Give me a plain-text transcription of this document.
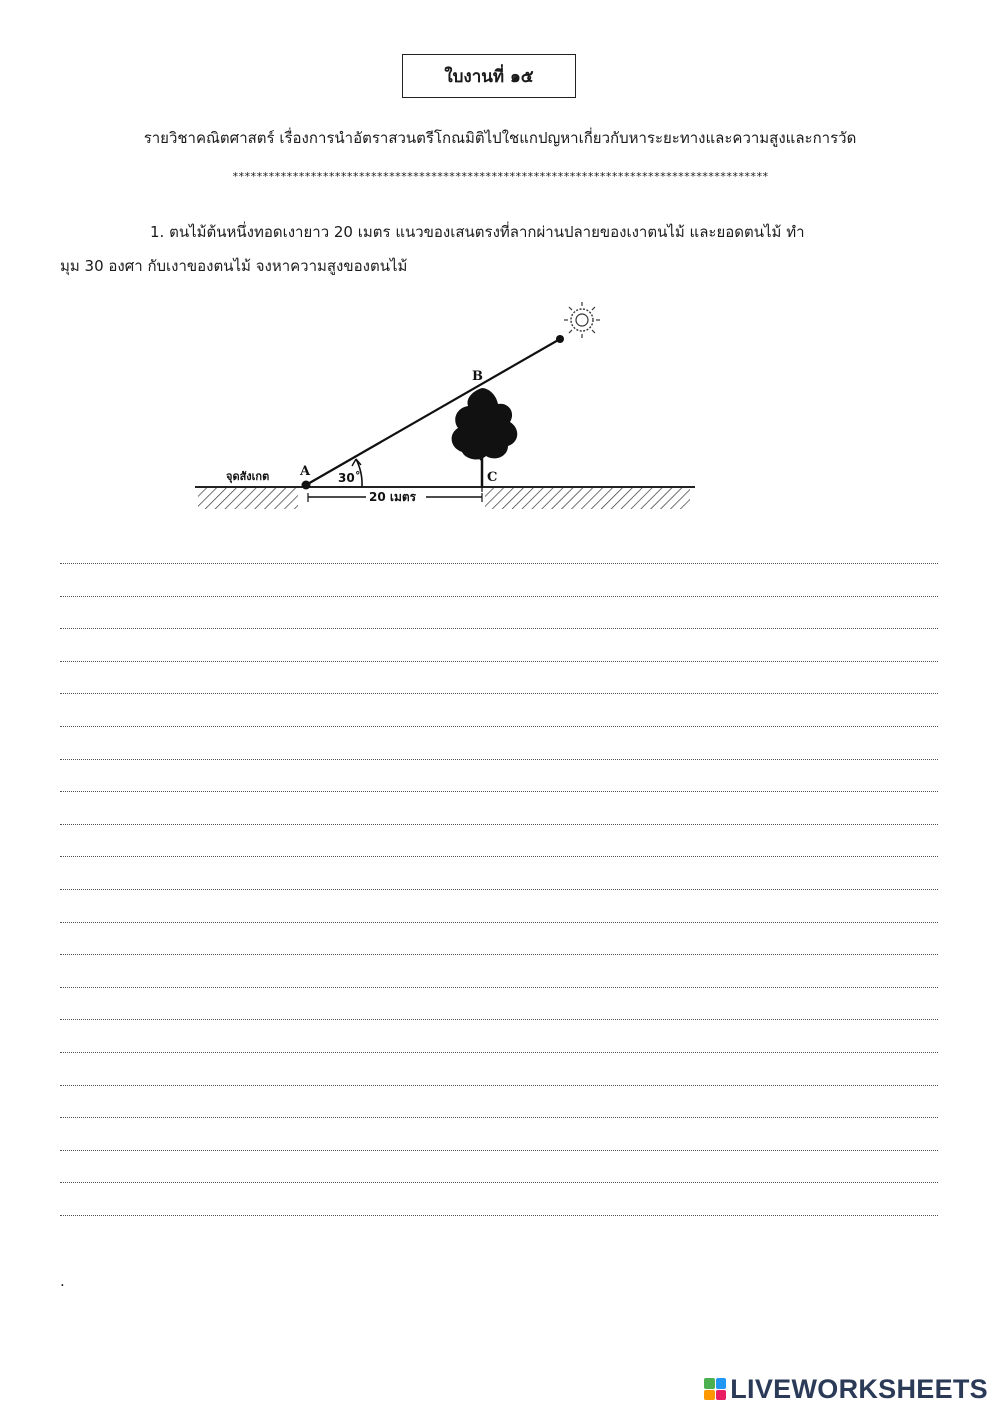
ใบงานที่ ๑๕
รายวิชาคณิตศาสตร์ เรื่องการนำอัตราสวนตรีโกณมิติไปใชแกปญหาเกี่ยวกับหาระยะทางและความสูงและการวัด
*****************************************************************************************
1. ตนไม้ต้นหนึ่งทอดเงายาว 20 เมตร แนวของเสนตรงที่ลากผ่านปลายของเงาตนไม้ และยอดตนไม้ ทำ
มุม 30 องศา กับเงาของตนไม้ จงหาความสูงของตนไม้
จุดสังเกต A
B
C
30˚
20 เมตร
.
LIVEWORKSHEETS
